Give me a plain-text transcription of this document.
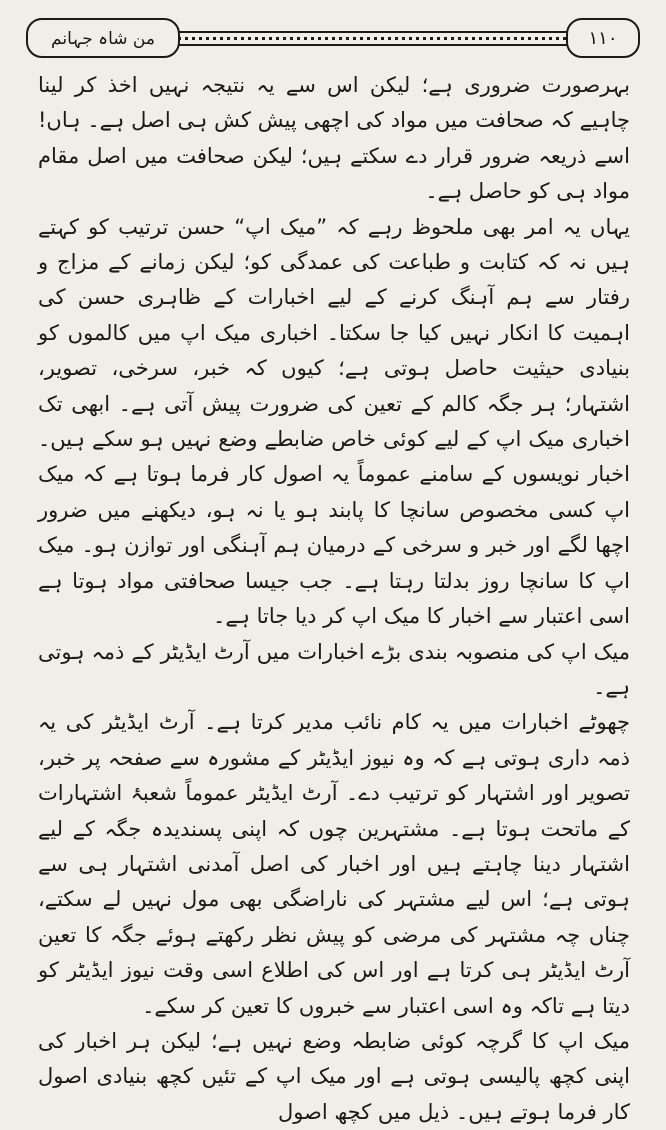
من شاہ جہانم	۱۱۰

بہرصورت ضروری ہے؛ لیکن اس سے یہ نتیجہ نہیں اخذ کر لینا چاہیے کہ صحافت میں مواد کی اچھی پیش کش ہی اصل ہے۔ ہاں! اسے ذریعہ ضرور قرار دے سکتے ہیں؛ لیکن صحافت میں اصل مقام مواد ہی کو حاصل ہے۔

یہاں یہ امر بھی ملحوظ رہے کہ ”میک اپ“ حسن ترتیب کو کہتے ہیں نہ کہ کتابت و طباعت کی عمدگی کو؛ لیکن زمانے کے مزاج و رفتار سے ہم آہنگ کرنے کے لیے اخبارات کے ظاہری حسن کی اہمیت کا انکار نہیں کیا جا سکتا۔ اخباری میک اپ میں کالموں کو بنیادی حیثیت حاصل ہوتی ہے؛ کیوں کہ خبر، سرخی، تصویر، اشتہار؛ ہر جگہ کالم کے تعین کی ضرورت پیش آتی ہے۔ ابھی تک اخباری میک اپ کے لیے کوئی خاص ضابطے وضع نہیں ہو سکے ہیں۔ اخبار نویسوں کے سامنے عموماً یہ اصول کار فرما ہوتا ہے کہ میک اپ کسی مخصوص سانچا کا پابند ہو یا نہ ہو، دیکھنے میں ضرور اچھا لگے اور خبر و سرخی کے درمیان ہم آہنگی اور توازن ہو۔ میک اپ کا سانچا روز بدلتا رہتا ہے۔ جب جیسا صحافتی مواد ہوتا ہے اسی اعتبار سے اخبار کا میک اپ کر دیا جاتا ہے۔

میک اپ کی منصوبہ بندی بڑے اخبارات میں آرٹ ایڈیٹر کے ذمہ ہوتی ہے۔

چھوٹے اخبارات میں یہ کام نائب مدیر کرتا ہے۔ آرٹ ایڈیٹر کی یہ ذمہ داری ہوتی ہے کہ وہ نیوز ایڈیٹر کے مشورہ سے صفحہ پر خبر، تصویر اور اشتہار کو ترتیب دے۔ آرٹ ایڈیٹر عموماً شعبۂ اشتہارات کے ماتحت ہوتا ہے۔ مشتہرین چوں کہ اپنی پسندیدہ جگہ کے لیے اشتہار دینا چاہتے ہیں اور اخبار کی اصل آمدنی اشتہار ہی سے ہوتی ہے؛ اس لیے مشتہر کی ناراضگی بھی مول نہیں لے سکتے، چناں چہ مشتہر کی مرضی کو پیش نظر رکھتے ہوئے جگہ کا تعین آرٹ ایڈیٹر ہی کرتا ہے اور اس کی اطلاع اسی وقت نیوز ایڈیٹر کو دیتا ہے تاکہ وہ اسی اعتبار سے خبروں کا تعین کر سکے۔

میک اپ کا گرچہ کوئی ضابطہ وضع نہیں ہے؛ لیکن ہر اخبار کی اپنی کچھ پالیسی ہوتی ہے اور میک اپ کے تئیں کچھ بنیادی اصول کار فرما ہوتے ہیں۔ ذیل میں کچھ اصول
